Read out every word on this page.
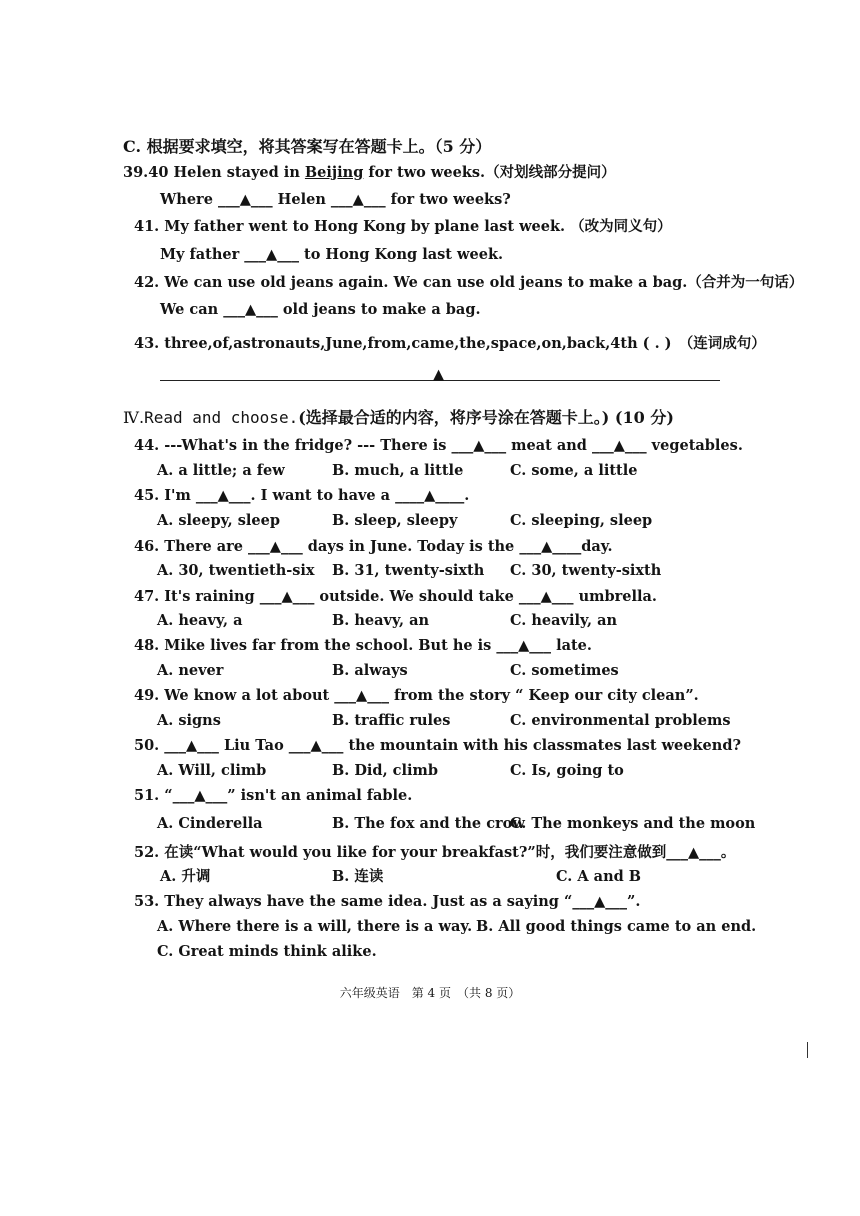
C. 根据要求填空，将其答案写在答题卡上。（5 分）
39.40 Helen stayed in Beijing for two weeks.（对划线部分提问）
Where ___▲___ Helen ___▲___ for two weeks?
41. My father went to Hong Kong by plane last week. （改为同义句）
My father ___▲___ to Hong Kong last week.
42. We can use old jeans again. We can use old jeans to make a bag.（合并为一句话）
We can ___▲___ old jeans to make a bag.
43. three,of,astronauts,June,from,came,the,space,on,back,4th ( . )　（连词成句）
▲
Ⅳ.Read and choose.(选择最合适的内容，将序号涂在答题卡上。) (10 分)
44. ---What's in the fridge? --- There is ___▲___ meat and ___▲___ vegetables.
A. a little; a few	B. much, a little	C. some, a little
45. I'm ___▲___. I want to have a ____▲____.
A. sleepy, sleep	B. sleep, sleepy	C. sleeping, sleep
46. There are ___▲___ days in June. Today is the ___▲____day.
A. 30, twentieth-six B. 31, twenty-sixth C. 30, twenty-sixth
47. It's raining ___▲___ outside. We should take ___▲___ umbrella.
A. heavy, a	B. heavy, an	C. heavily, an
48. Mike lives far from the school. But he is ___▲___ late.
A. never	B. always	C. sometimes
49. We know a lot about ___▲___ from the story “ Keep our city clean”.
A. signs	B. traffic rules	C. environmental problems
50. ___▲___ Liu Tao ___▲___ the mountain with his classmates last weekend?
A. Will, climb	B. Did, climb	C. Is, going to
51. “___▲___” isn't an animal fable.
A. Cinderella	B. The fox and the crow
C. The monkeys and the moon
52. 在读“What would you like for your breakfast?”时，我们要注意做到___▲___。
A. 升调	B. 连读	C. A and B
53. They always have the same idea. Just as a saying “___▲___”.
A. Where there is a will, there is a way. B. All good things came to an end.
C. Great minds think alike.
六年级英语　第 4 页　（共 8 页）
